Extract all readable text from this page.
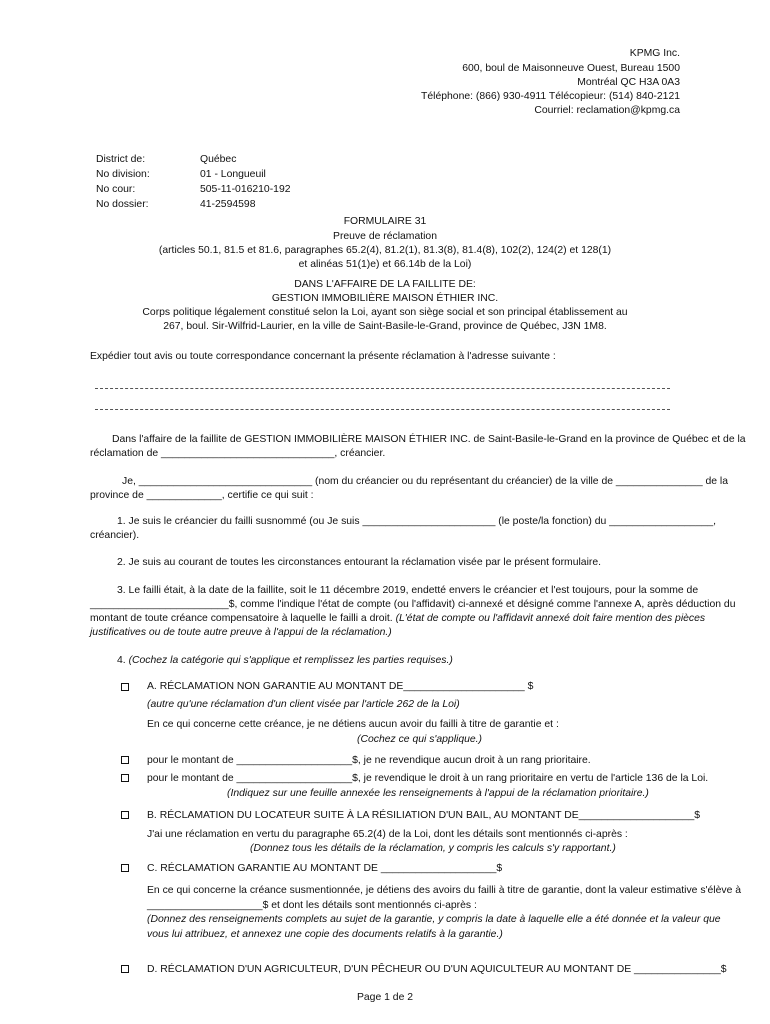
KPMG Inc.
600, boul de Maisonneuve Ouest, Bureau 1500
Montréal QC H3A 0A3
Téléphone: (866) 930-4911 Télécopieur: (514) 840-2121
Courriel: reclamation@kpmg.ca
District de:	Québec
No division:	01 - Longueuil
No cour:	505-11-016210-192
No dossier:	41-2594598
FORMULAIRE 31
Preuve de réclamation
(articles 50.1, 81.5 et 81.6, paragraphes 65.2(4), 81.2(1), 81.3(8), 81.4(8), 102(2), 124(2) et 128(1)
et alinéas 51(1)e) et 66.14b de la Loi)
DANS L'AFFAIRE DE LA FAILLITE DE:
GESTION IMMOBILIÈRE MAISON ÉTHIER INC.
Corps politique légalement constitué selon la Loi, ayant son siège social et son principal établissement au
267, boul. Sir-Wilfrid-Laurier, en la ville de Saint-Basile-le-Grand, province de Québec, J3N 1M8.
Expédier tout avis ou toute correspondance concernant la présente réclamation à l'adresse suivante :
Dans l'affaire de la faillite de GESTION IMMOBILIÈRE MAISON ÉTHIER INC. de Saint-Basile-le-Grand en la province de Québec et de la
réclamation de ______________________________, créancier.
Je, ______________________________ (nom du créancier ou du représentant du créancier) de la ville de _______________ de la
province de _____________, certifie ce qui suit :
1. Je suis le créancier du failli susnommé (ou Je suis _______________________ (le poste/la fonction) du __________________,
créancier).
2. Je suis au courant de toutes les circonstances entourant la réclamation visée par le présent formulaire.
3. Le failli était, à la date de la faillite, soit le 11 décembre 2019, endetté envers le créancier et l'est toujours, pour la somme de
________________________$, comme l'indique l'état de compte (ou l'affidavit) ci-annexé et désigné comme l'annexe A, après déduction du
montant de toute créance compensatoire à laquelle le failli a droit. (L'état de compte ou l'affidavit annexé doit faire mention des pièces
justificatives ou de toute autre preuve à l'appui de la réclamation.)
4. (Cochez la catégorie qui s'applique et remplissez les parties requises.)
A. RÉCLAMATION NON GARANTIE AU MONTANT DE_____________________ $
(autre qu'une réclamation d'un client visée par l'article 262 de la Loi)
En ce qui concerne cette créance, je ne détiens aucun avoir du failli à titre de garantie et :
(Cochez ce qui s'applique.)
pour le montant de ____________________$, je ne revendique aucun droit à un rang prioritaire.
pour le montant de ____________________$, je revendique le droit à un rang prioritaire en vertu de l'article 136 de la Loi.
(Indiquez sur une feuille annexée les renseignements à l'appui de la réclamation prioritaire.)
B. RÉCLAMATION DU LOCATEUR SUITE À LA RÉSILIATION D'UN BAIL, AU MONTANT DE____________________$
J'ai une réclamation en vertu du paragraphe 65.2(4) de la Loi, dont les détails sont mentionnés ci-après :
(Donnez tous les détails de la réclamation, y compris les calculs s'y rapportant.)
C. RÉCLAMATION GARANTIE AU MONTANT DE ____________________$
En ce qui concerne la créance susmentionnée, je détiens des avoirs du failli à titre de garantie, dont la valeur estimative s'élève à
____________________$ et dont les détails sont mentionnés ci-après :
(Donnez des renseignements complets au sujet de la garantie, y compris la date à laquelle elle a été donnée et la valeur que
vous lui attribuez, et annexez une copie des documents relatifs à la garantie.)
D. RÉCLAMATION D'UN AGRICULTEUR, D'UN PÊCHEUR OU D'UN AQUICULTEUR AU MONTANT DE _______________$
Page 1 de 2
